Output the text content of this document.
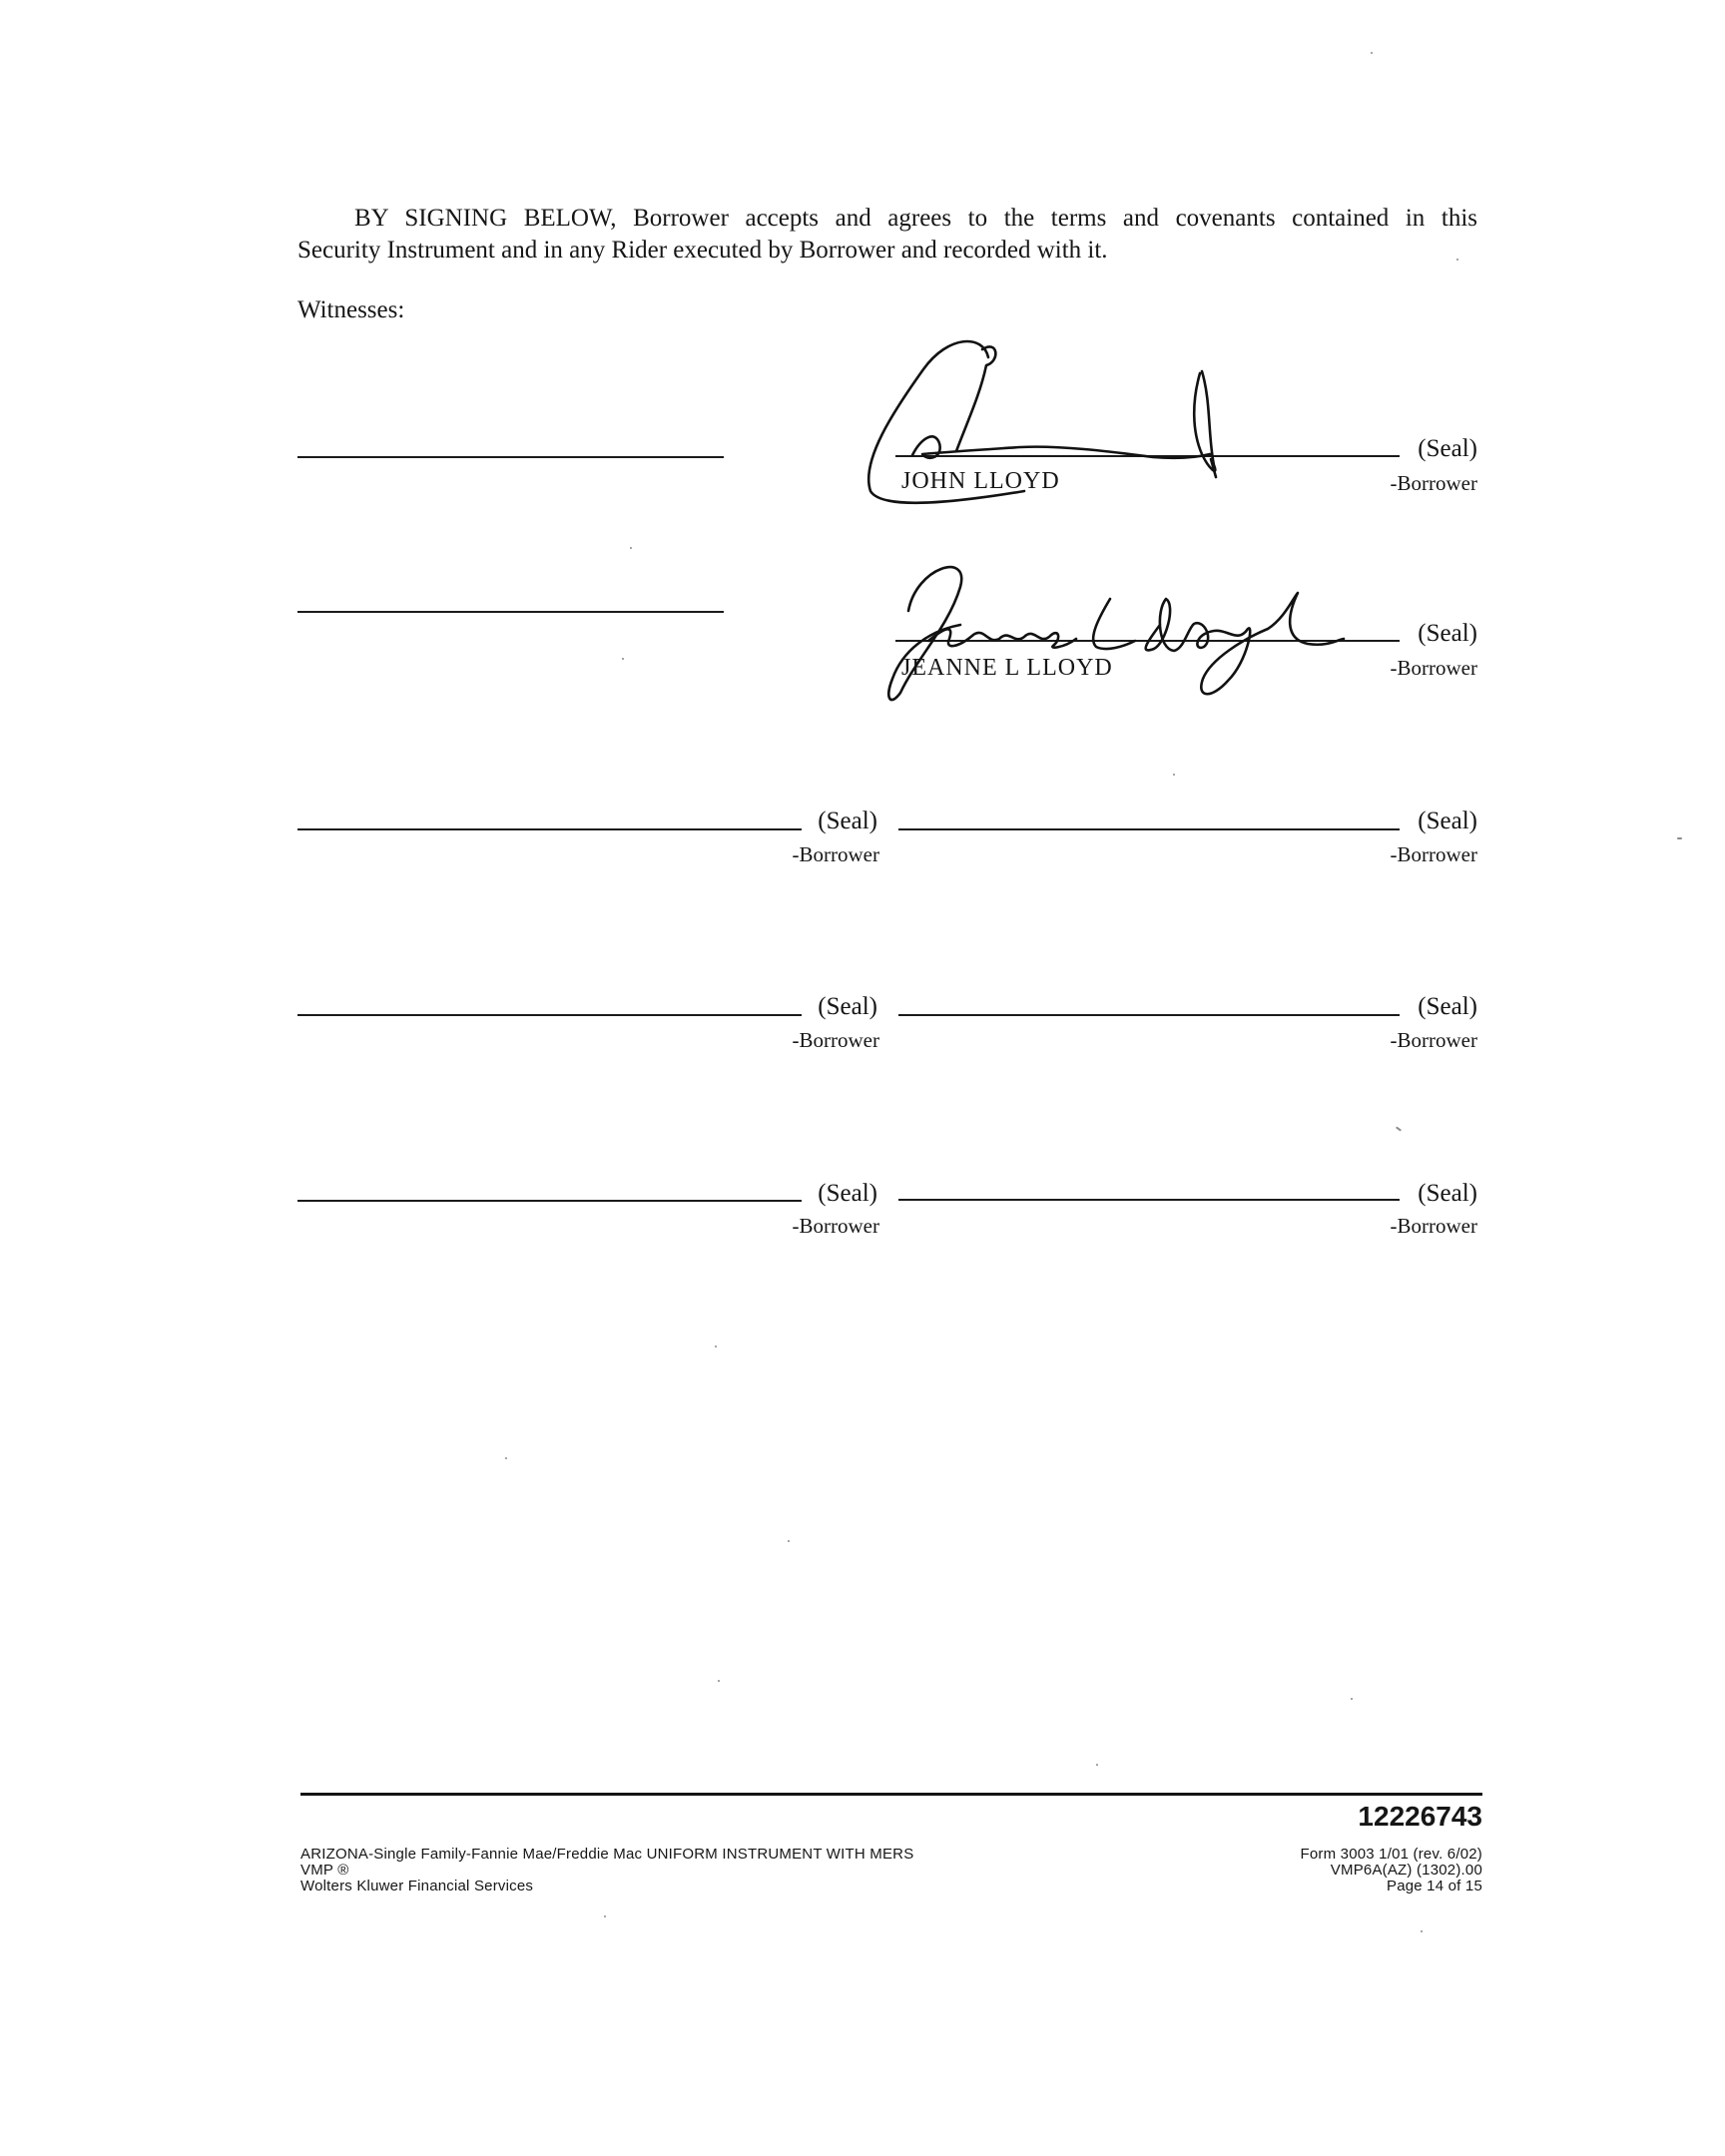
BY SIGNING BELOW, Borrower accepts and agrees to the terms and covenants contained in this
Security Instrument and in any Rider executed by Borrower and recorded with it.
Witnesses:
(Seal)
JOHN LLOYD	-Borrower
(Seal)
JEANNE L LLOYD	-Borrower
(Seal)
-Borrower
(Seal)
-Borrower
(Seal)
-Borrower
(Seal)
-Borrower
(Seal)
-Borrower
(Seal)
-Borrower
12226743
ARIZONA-Single Family-Fannie Mae/Freddie Mac UNIFORM INSTRUMENT WITH MERS
VMP ®
Wolters Kluwer Financial Services
Form 3003 1/01 (rev. 6/02)
VMP6A(AZ) (1302).00
Page 14 of 15
